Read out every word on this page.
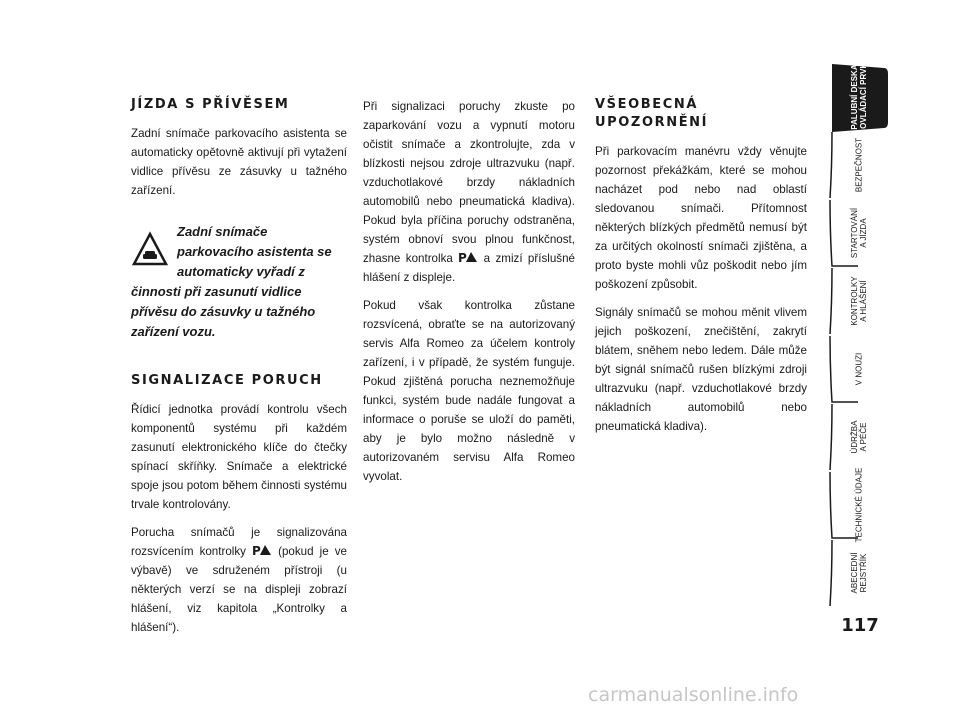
JÍZDA S PŘÍVĚSEM

Zadní snímače parkovacího asistenta se automaticky opětovně aktivují při vytažení vidlice přívěsu ze zásuvky u tažného zařízení.

Zadní snímače parkovacího asistenta se automaticky vyřadí z činnosti při zasunutí vidlice přívěsu do zásuvky u tažného zařízení vozu.
SIGNALIZACE PORUCH

Řídicí jednotka provádí kontrolu všech komponentů systému při každém zasunutí elektronického klíče do čtečky spínací skříňky. Snímače a elektrické spoje jsou potom během činnosti systému trvale kontrolovány.

Porucha snímačů je signalizována rozsvícením kontrolky P (pokud je ve výbavě) ve sdruženém přístroji (u některých verzí se na displeji zobrazí hlášení, viz kapitola „Kontrolky a hlášení“).

Při signalizaci poruchy zkuste po zaparkování vozu a vypnutí motoru očistit snímače a zkontrolujte, zda v blízkosti nejsou zdroje ultrazvuku (např. vzduchotlakové brzdy nákladních automobilů nebo pneumatická kladiva). Pokud byla příčina poruchy odstraněna, systém obnoví svou plnou funkčnost, zhasne kontrolka P a zmizí příslušné hlášení z displeje.

Pokud však kontrolka zůstane rozsvícená, obraťte se na autorizovaný servis Alfa Romeo za účelem kontroly zařízení, i v případě, že systém funguje. Pokud zjištěná porucha neznemožňuje funkci, systém bude nadále fungovat a informace o poruše se uloží do paměti, aby je bylo možno následně v autorizovaném servisu Alfa Romeo vyvolat.

VŠEOBECNÁ UPOZORNĚNÍ

Při parkovacím manévru vždy věnujte pozornost překážkám, které se mohou nacházet pod nebo nad oblastí sledovanou snímači. Přítomnost některých blízkých předmětů nemusí být za určitých okolností snímači zjištěna, a proto byste mohli vůz poškodit nebo jím poškození způsobit.

Signály snímačů se mohou měnit vlivem jejich poškození, znečištění, zakrytí blátem, sněhem nebo ledem. Dále může být signál snímačů rušen blízkými zdroji ultrazvuku (např. vzduchotlakové brzdy nákladních automobilů nebo pneumatická kladiva).

PALUBNÍ DESKA
A OVLÁDACÍ PRVKY
BEZPEČNOST

STARTOVÁNÍ
A JÍZDA
KONTROLKY
A HLÁŠENÍ
V NOUZI

ÚDRŽBA
A PÉČE
TECHNICKÉ ÚDAJE

ABECEDNÍ
REJSTŘÍK
117
carmanualsonline.info
